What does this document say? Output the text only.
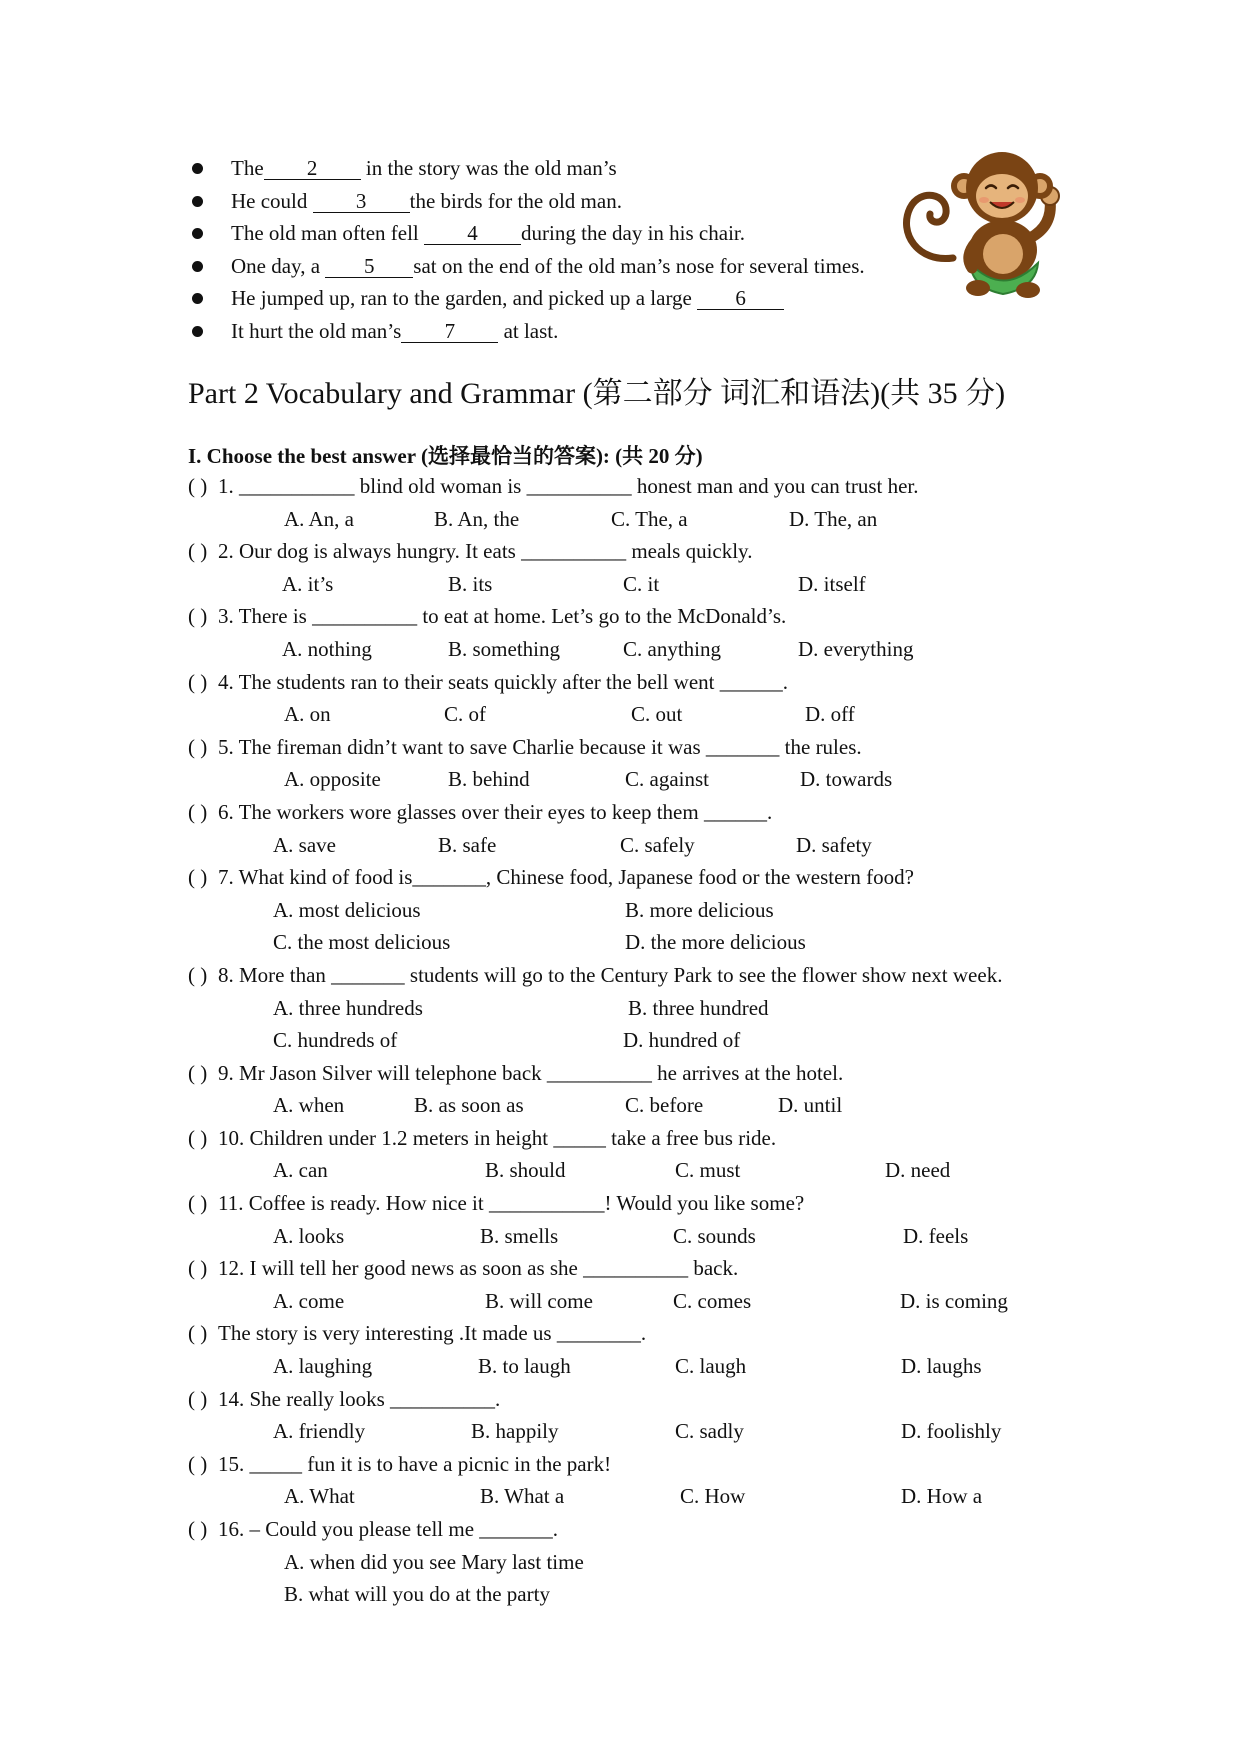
The 2 in the story was the old man’s
He could 3 the birds for the old man.
The old man often fell 4 during the day in his chair.
One day, a 5 sat on the end of the old man’s nose for several times.
He jumped up, ran to the garden, and picked up a large 6
It hurt the old man’s 7 at last.
Part 2 Vocabulary and Grammar (第二部分 词汇和语法)(共 35 分)
I. Choose the best answer (选择最恰当的答案): (共 20 分)
( ) 1. ___________ blind old woman is __________ honest man and you can trust her.
A. An, a	B. An, the	C. The, a	D. The, an
( ) 2. Our dog is always hungry. It eats __________ meals quickly.
A. it’s	B. its	C. it	D. itself
( ) 3. There is __________ to eat at home. Let’s go to the McDonald’s.
A. nothing	B. something	C. anything	D. everything
( ) 4. The students ran to their seats quickly after the bell went ______.
A. on	C. of	C. out	D. off
( ) 5. The fireman didn’t want to save Charlie because it was _______ the rules.
A. opposite	B. behind	C. against	D. towards
( ) 6. The workers wore glasses over their eyes to keep them ______.
A. save	B. safe	C. safely	D. safety
( ) 7. What kind of food is_______, Chinese food, Japanese food or the western food?
A. most delicious	B. more delicious
C. the most delicious	D. the more delicious
( ) 8. More than _______ students will go to the Century Park to see the flower show next week.
A. three hundreds	B. three hundred
C. hundreds of	D. hundred of
( ) 9. Mr Jason Silver will telephone back __________ he arrives at the hotel.
A. when	B. as soon as	C. before	D. until
( ) 10. Children under 1.2 meters in height _____ take a free bus ride.
A. can	B. should	C. must	D. need
( ) 11. Coffee is ready. How nice it ___________! Would you like some?
A. looks	B. smells	C. sounds	D. feels
( ) 12. I will tell her good news as soon as she __________ back.
A. come	B. will come	C. comes	D. is coming
( ) The story is very interesting .It made us ________.
A. laughing	B. to laugh	C. laugh	D. laughs
( ) 14. She really looks __________.
A. friendly	B. happily	C. sadly	D. foolishly
( ) 15. _____ fun it is to have a picnic in the park!
A. What	B. What a	C. How	D. How a
( ) 16. – Could you please tell me _______.
A. when did you see Mary last time
B. what will you do at the party
